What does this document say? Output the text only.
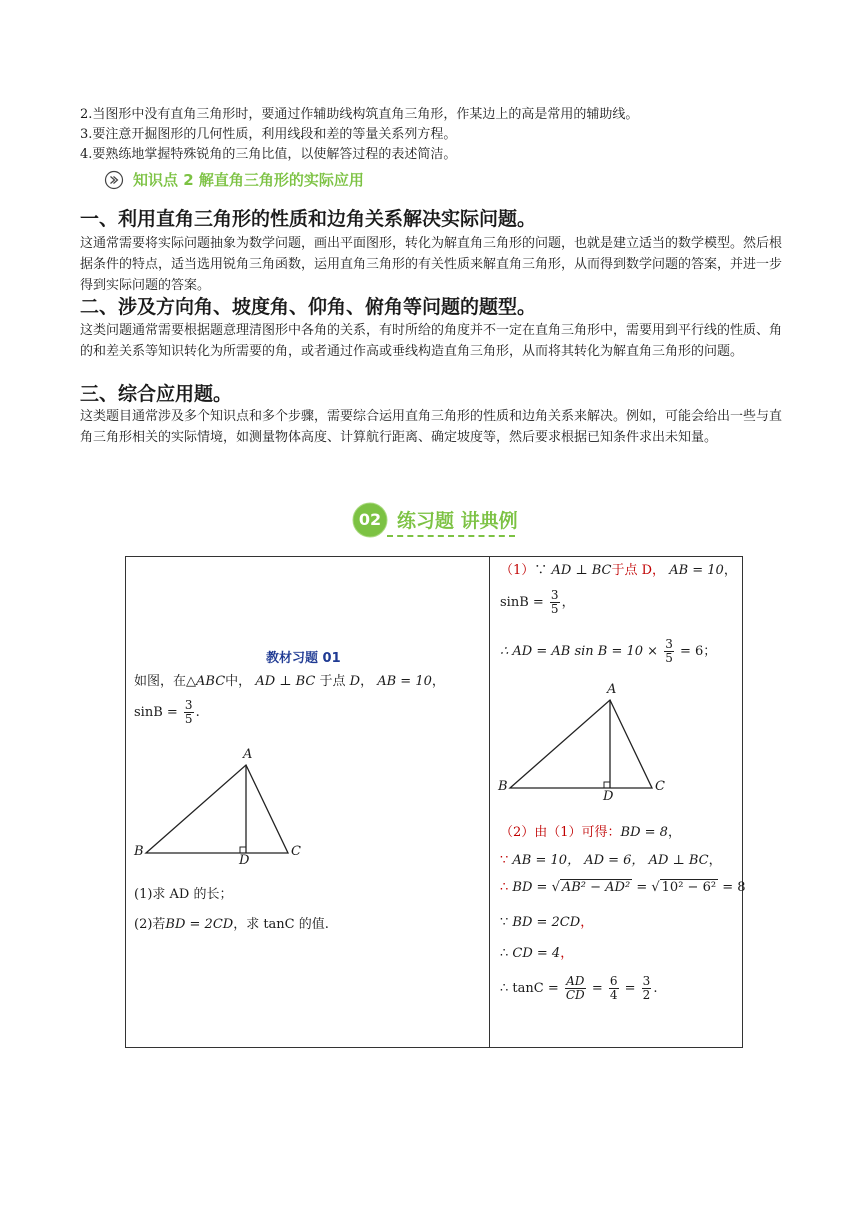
2.当图形中没有直角三角形时，要通过作辅助线构筑直角三角形，作某边上的高是常用的辅助线。
3.要注意开掘图形的几何性质，利用线段和差的等量关系列方程。
4.要熟练地掌握特殊锐角的三角比值，以使解答过程的表述简洁。
知识点 2 解直角三角形的实际应用
一、利用直角三角形的性质和边角关系解决实际问题。
这通常需要将实际问题抽象为数学问题，画出平面图形，转化为解直角三角形的问题，也就是建立适当的数学模型。然后根据条件的特点，适当选用锐角三角函数，运用直角三角形的有关性质来解直角三角形，从而得到数学问题的答案，并进一步得到实际问题的答案。
二、涉及方向角、坡度角、仰角、俯角等问题的题型。
这类问题通常需要根据题意理清图形中各角的关系，有时所给的角度并不一定在直角三角形中，需要用到平行线的性质、角的和差关系等知识转化为所需要的角，或者通过作高或垂线构造直角三角形，从而将其转化为解直角三角形的问题。
三、综合应用题。
这类题目通常涉及多个知识点和多个步骤，需要综合运用直角三角形的性质和边角关系来解决。例如，可能会给出一些与直角三角形相关的实际情境，如测量物体高度、计算航行距离、确定坡度等，然后要求根据已知条件求出未知量。
02 练习题 讲典例
教材习题 01
如图，在△ABC中， AD ⊥ BC 于点 D， AB = 10，
$\sin B = \frac{3}{5}$ .
A
B	C
D
(1)求 AD 的长；
(2)若BD = 2CD，求 tanC 的值.

（1）∵ AD ⊥ BC于点 D， AB = 10，
$\sin B = \frac{3}{5}$ ，
∴ AD = AB $\sin B = 10 \times \frac{3}{5} = 6$；
A
B	C
D
（2）由（1）可得：BD = 8，
∵ AB = 10， AD = 6， AD ⊥ BC，
∴ BD = √ AB² − AD² = √ 10² − 6² = 8
∵ BD = 2CD，
∴ CD = 4，
∴ $\tan C = \frac{AD}{CD} = \frac{6}{4} = \frac{3}{2}$ .
